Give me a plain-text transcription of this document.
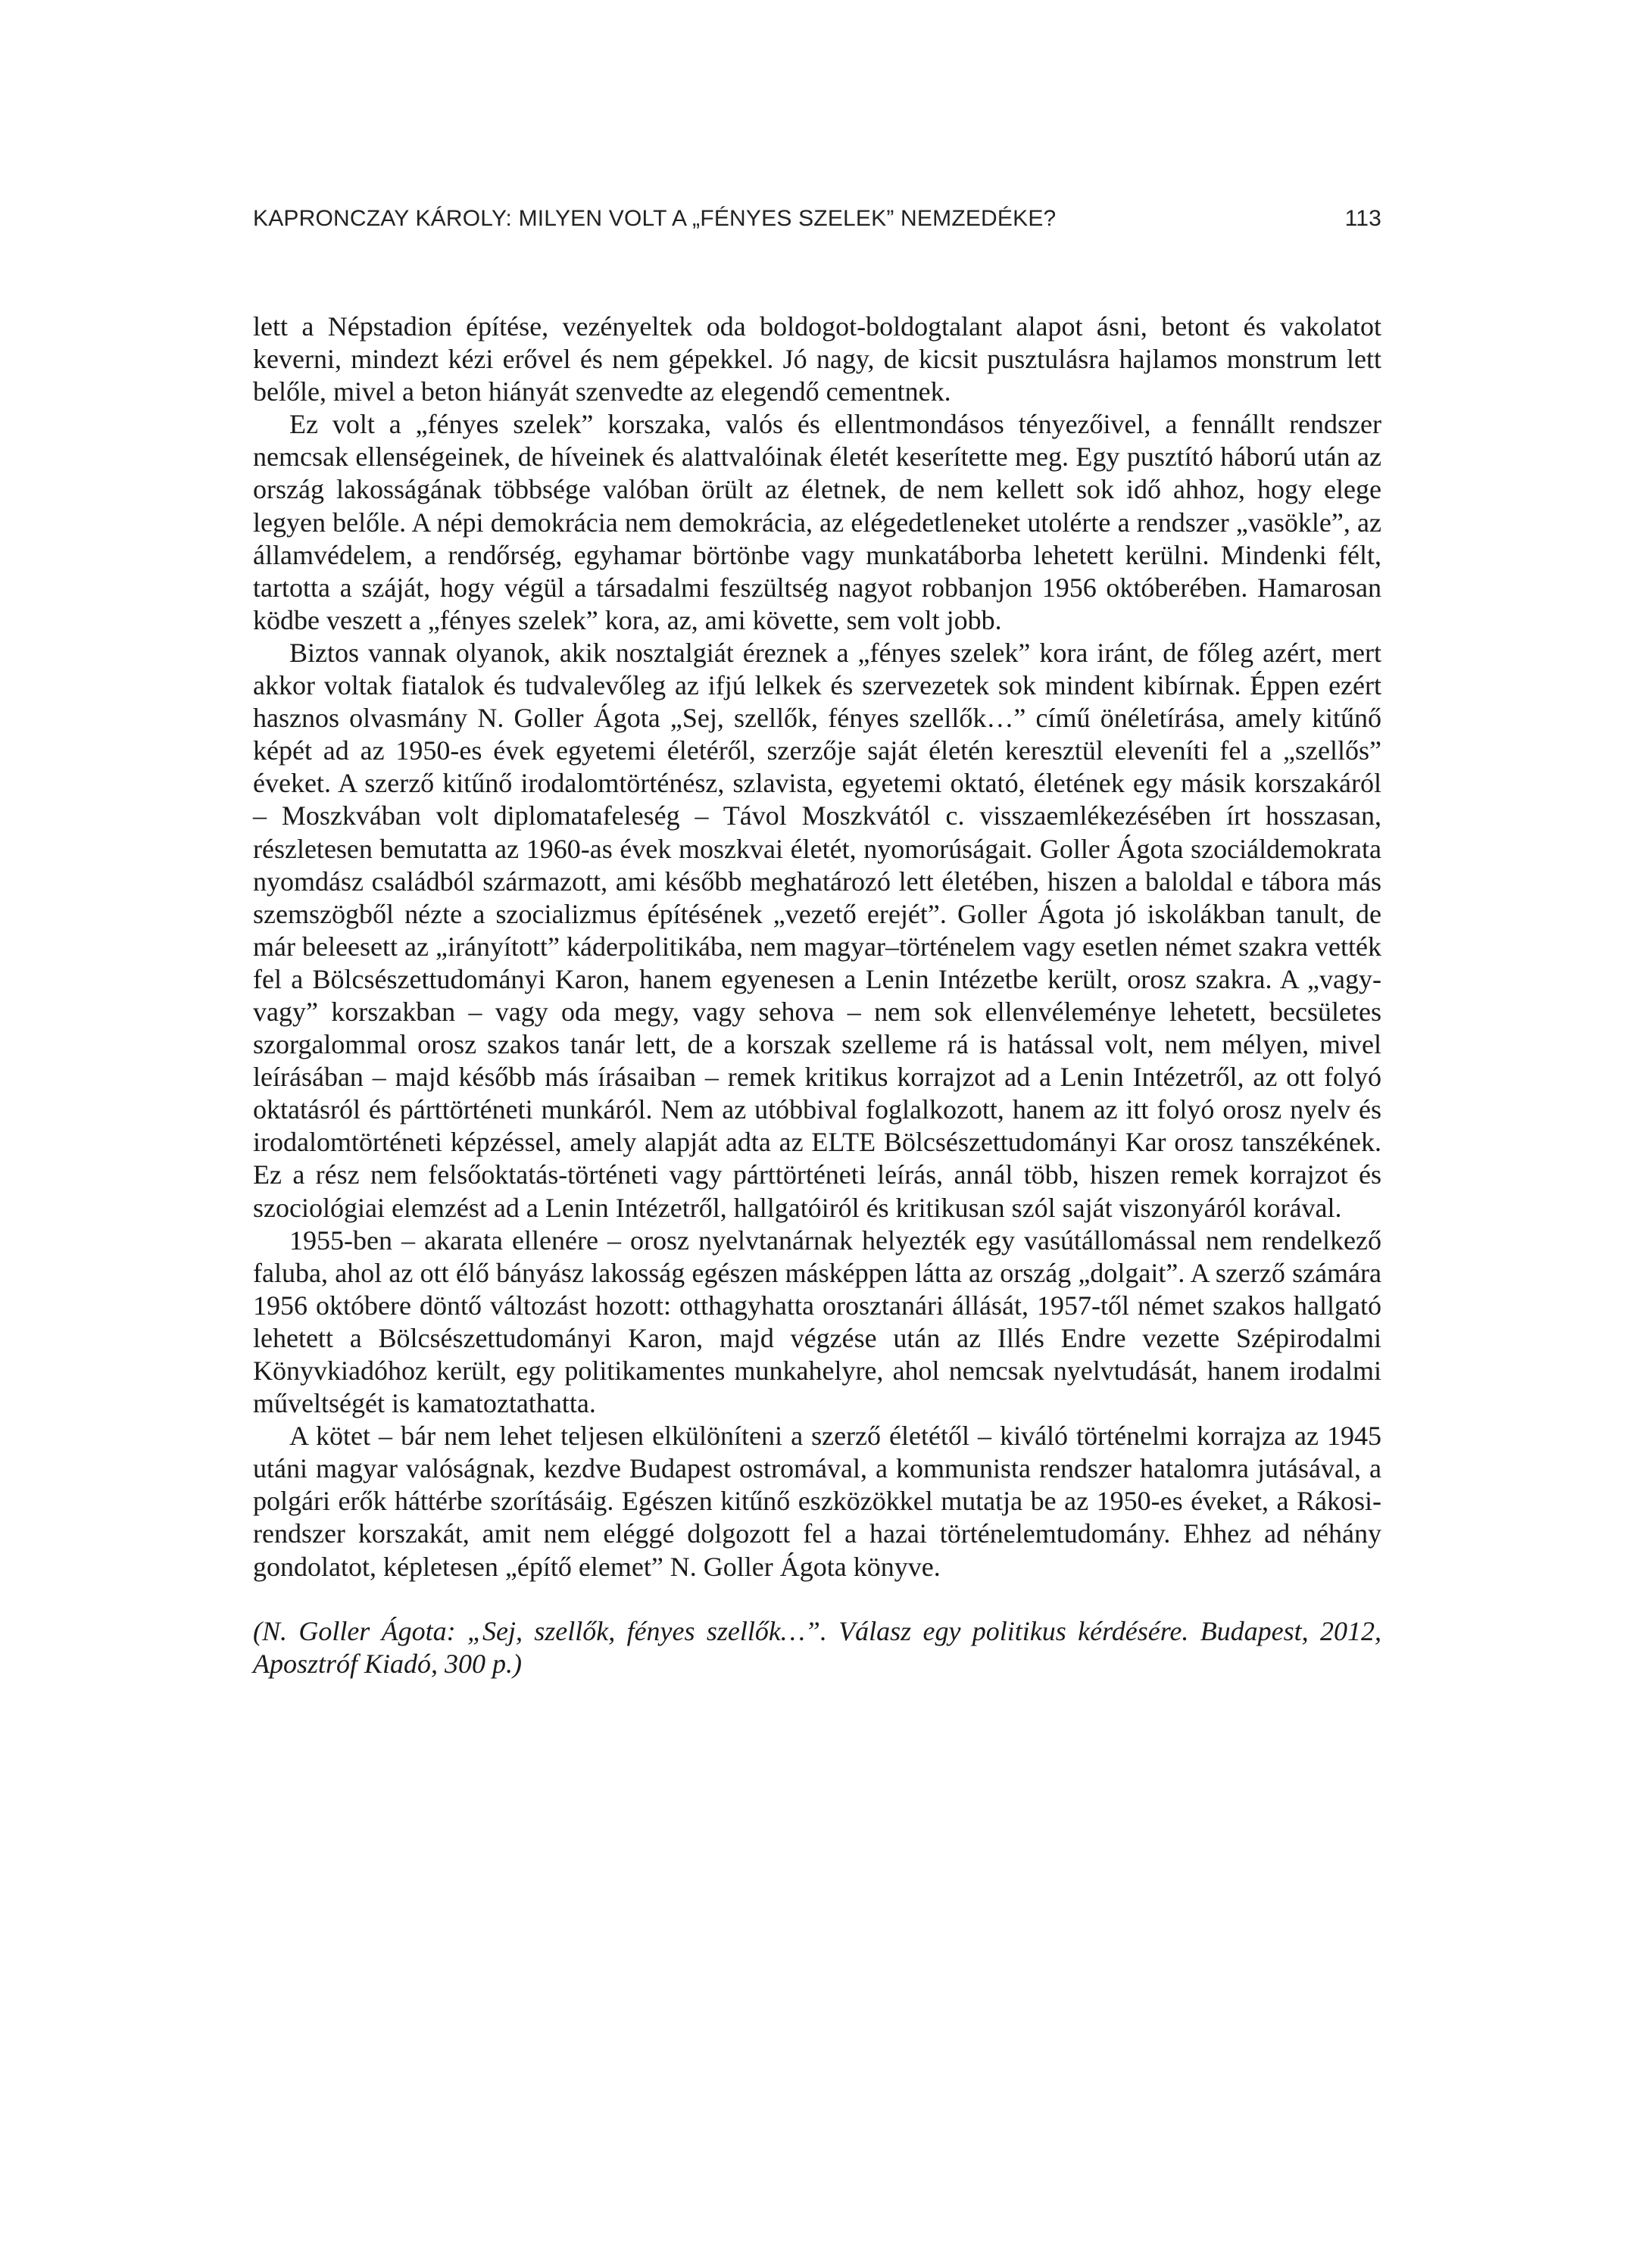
KAPRONCZAY KÁROLY: MILYEN VOLT A „FÉNYES SZELEK” NEMZEDÉKE?	113

lett a Népstadion építése, vezényeltek oda boldogot-boldogtalant alapot ásni, betont és vakolatot keverni, mindezt kézi erővel és nem gépekkel. Jó nagy, de kicsit pusztulásra hajlamos monstrum lett belőle, mivel a beton hiányát szenvedte az elegendő cementnek.

Ez volt a „fényes szelek” korszaka, valós és ellentmondásos tényezőivel, a fennállt rendszer nemcsak ellenségeinek, de híveinek és alattvalóinak életét keserítette meg. Egy pusztító háború után az ország lakosságának többsége valóban örült az életnek, de nem kellett sok idő ahhoz, hogy elege legyen belőle. A népi demokrácia nem demokrácia, az elégedetleneket utolérte a rendszer „vasökle”, az államvédelem, a rendőrség, egyhamar börtönbe vagy munkatáborba lehetett kerülni. Mindenki félt, tartotta a száját, hogy végül a társadalmi feszültség nagyot robbanjon 1956 októberében. Hamarosan ködbe veszett a „fényes szelek” kora, az, ami követte, sem volt jobb.

Biztos vannak olyanok, akik nosztalgiát éreznek a „fényes szelek” kora iránt, de főleg azért, mert akkor voltak fiatalok és tudvalevőleg az ifjú lelkek és szervezetek sok mindent kibírnak. Éppen ezért hasznos olvasmány N. Goller Ágota „Sej, szellők, fényes szellők…” című önéletírása, amely kitűnő képét ad az 1950-es évek egyetemi életéről, szerzője saját életén keresztül eleveníti fel a „szellős” éveket. A szerző kitűnő irodalomtörténész, szlavista, egyetemi oktató, életének egy másik korszakáról – Moszkvában volt diplomatafeleség – Távol Moszkvától c. visszaemlékezésében írt hosszasan, részletesen bemutatta az 1960-as évek moszkvai életét, nyomorúságait. Goller Ágota szociáldemokrata nyomdász családból származott, ami később meghatározó lett életében, hiszen a baloldal e tábora más szemszögből nézte a szocializmus építésének „vezető erejét”. Goller Ágota jó iskolákban tanult, de már beleesett az „irányított” káderpolitikába, nem magyar–történelem vagy esetlen német szakra vették fel a Bölcsészettudományi Karon, hanem egyenesen a Lenin Intézetbe került, orosz szakra. A „vagy-vagy” korszakban – vagy oda megy, vagy sehova – nem sok ellenvéleménye lehetett, becsületes szorgalommal orosz szakos tanár lett, de a korszak szelleme rá is hatással volt, nem mélyen, mivel leírásában – majd később más írásaiban – remek kritikus korrajzot ad a Lenin Intézetről, az ott folyó oktatásról és párttörténeti munkáról. Nem az utóbbival foglalkozott, hanem az itt folyó orosz nyelv és irodalomtörténeti képzéssel, amely alapját adta az ELTE Bölcsészettudományi Kar orosz tanszékének. Ez a rész nem felsőoktatás-történeti vagy párttörténeti leírás, annál több, hiszen remek korrajzot és szociológiai elemzést ad a Lenin Intézetről, hallgatóiról és kritikusan szól saját viszonyáról korával.

1955-ben – akarata ellenére – orosz nyelvtanárnak helyezték egy vasútállomással nem rendelkező faluba, ahol az ott élő bányász lakosság egészen másképpen látta az ország „dolgait”. A szerző számára 1956 októbere döntő változást hozott: otthagyhatta orosztаnári állását, 1957-től német szakos hallgató lehetett a Bölcsészettudományi Karon, majd végzése után az Illés Endre vezette Szépirodalmi Könyvkiadóhoz került, egy politikamentes munkahelyre, ahol nemcsak nyelvtudását, hanem irodalmi műveltségét is kamatoztathatta.

A kötet – bár nem lehet teljesen elkülöníteni a szerző életétől – kiváló történelmi korrajza az 1945 utáni magyar valóságnak, kezdve Budapest ostromával, a kommunista rendszer hatalomra jutásával, a polgári erők háttérbe szorításáig. Egészen kitűnő eszközökkel mutatja be az 1950-es éveket, a Rákosi-rendszer korszakát, amit nem eléggé dolgozott fel a hazai történelemtudomány. Ehhez ad néhány gondolatot, képletesen „építő elemet” N. Goller Ágota könyve.

(N. Goller Ágota: „Sej, szellők, fényes szellők…”. Válasz egy politikus kérdésére. Budapest, 2012, Aposztróf Kiadó, 300 p.)
